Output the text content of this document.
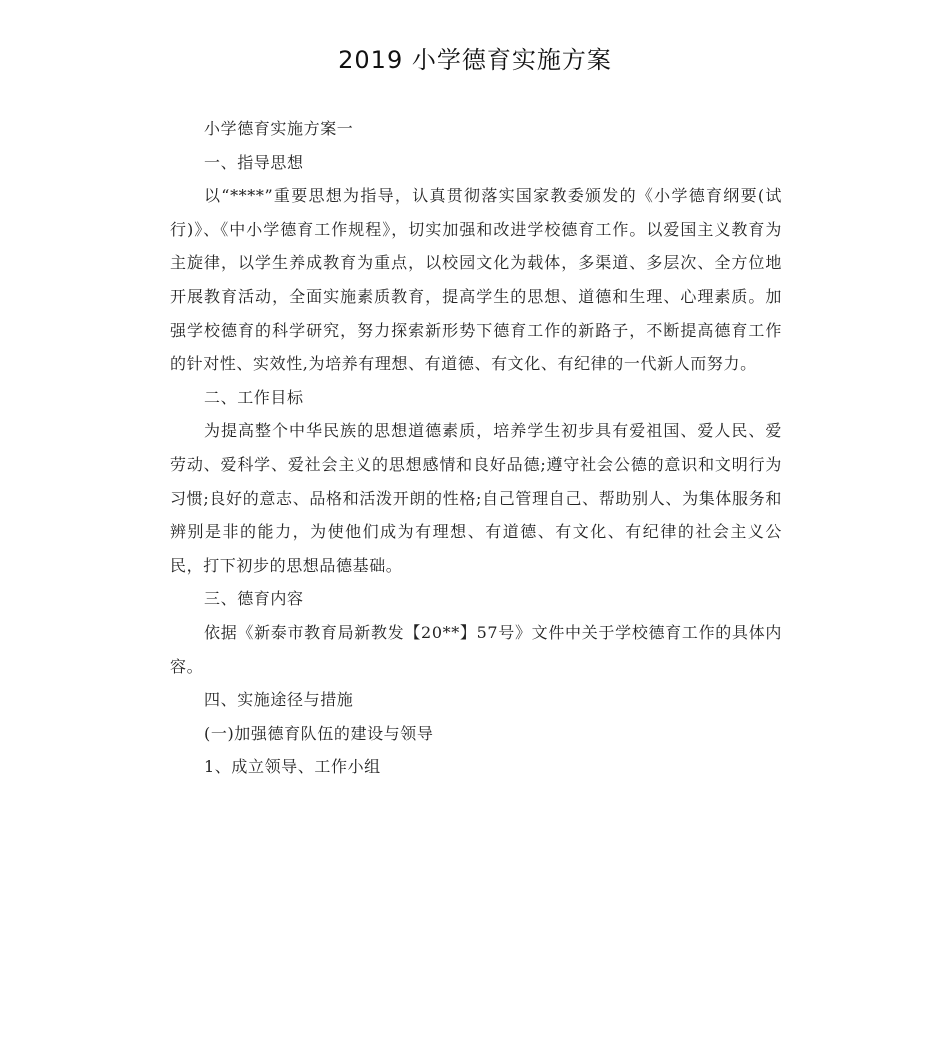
2019 小学德育实施方案

小学德育实施方案一

一、指导思想

以“****”重要思想为指导，认真贯彻落实国家教委颁发的《小学德育纲要(试行)》、《中小学德育工作规程》，切实加强和改进学校德育工作。以爱国主义教育为主旋律，以学生养成教育为重点，以校园文化为载体，多渠道、多层次、全方位地开展教育活动，全面实施素质教育，提高学生的思想、道德和生理、心理素质。加强学校德育的科学研究，努力探索新形势下德育工作的新路子，不断提高德育工作的针对性、实效性,为培养有理想、有道德、有文化、有纪律的一代新人而努力。

二、工作目标

为提高整个中华民族的思想道德素质，培养学生初步具有爱祖国、爱人民、爱劳动、爱科学、爱社会主义的思想感情和良好品德;遵守社会公德的意识和文明行为习惯;良好的意志、品格和活泼开朗的性格;自己管理自己、帮助别人、为集体服务和辨别是非的能力，为使他们成为有理想、有道德、有文化、有纪律的社会主义公民，打下初步的思想品德基础。

三、德育内容

依据《新泰市教育局新教发【20**】57号》文件中关于学校德育工作的具体内容。

四、实施途径与措施

(一)加强德育队伍的建设与领导

1、成立领导、工作小组
